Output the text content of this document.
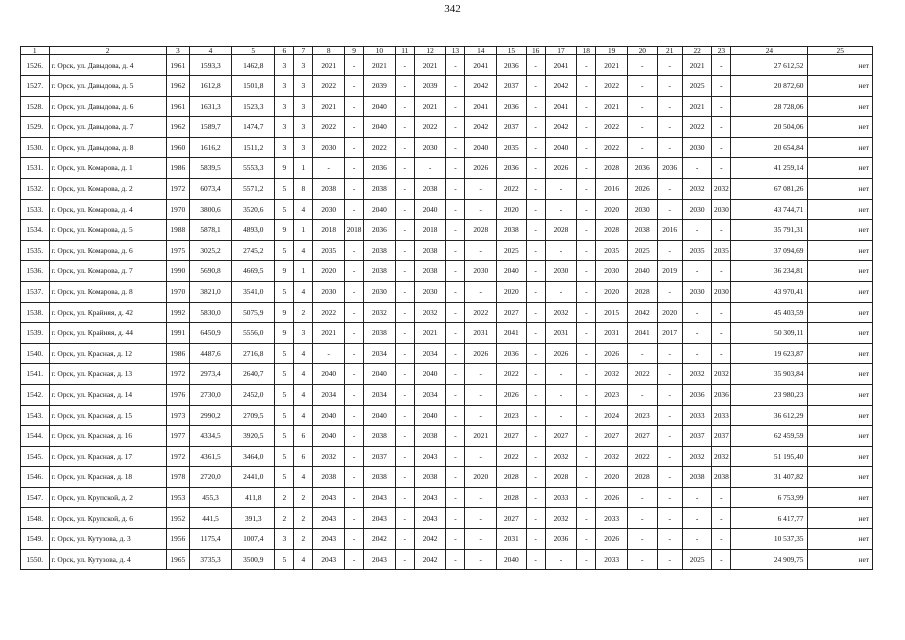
342
1	2	3	4	5	6	7	8	9	10	11	12	13	14	15	16	17	18	19	20	21	22	23	24	25
1526.	г. Орск, ул. Давыдова, д. 4	1961	1593,3	1462,8	3	3	2021	-	2021	-	2021	-	2041	2036	-	2041	-	2021	-	-	2021	-	27 612,52	нет
1527.	г. Орск, ул. Давыдова, д. 5	1962	1612,8	1501,8	3	3	2022	-	2039	-	2039	-	2042	2037	-	2042	-	2022	-	-	2025	-	20 872,60	нет
1528.	г. Орск, ул. Давыдова, д. 6	1961	1631,3	1523,3	3	3	2021	-	2040	-	2021	-	2041	2036	-	2041	-	2021	-	-	2021	-	28 728,06	нет
1529.	г. Орск, ул. Давыдова, д. 7	1962	1589,7	1474,7	3	3	2022	-	2040	-	2022	-	2042	2037	-	2042	-	2022	-	-	2022	-	20 504,06	нет
1530.	г. Орск, ул. Давыдова, д. 8	1960	1616,2	1511,2	3	3	2030	-	2022	-	2030	-	2040	2035	-	2040	-	2022	-	-	2030	-	20 654,84	нет
1531.	г. Орск, ул. Комарова, д. 1	1986	5839,5	5553,3	9	1	-	-	2036	-	-	-	2026	2036	-	2026	-	2028	2036	2036	-	-	41 259,14	нет
1532.	г. Орск, ул. Комарова, д. 2	1972	6073,4	5571,2	5	8	2038	-	2038	-	2038	-	-	2022	-	-	-	2016	2026	-	2032	2032	67 081,26	нет
1533.	г. Орск, ул. Комарова, д. 4	1970	3800,6	3520,6	5	4	2030	-	2040	-	2040	-	-	2020	-	-	-	2020	2030	-	2030	2030	43 744,71	нет
1534.	г. Орск, ул. Комарова, д. 5	1988	5878,1	4893,0	9	1	2018	2018	2036	-	2018	-	2028	2038	-	2028	-	2028	2038	2016	-	-	35 791,31	нет
1535.	г. Орск, ул. Комарова, д. 6	1975	3025,2	2745,2	5	4	2035	-	2038	-	2038	-	-	2025	-	-	-	2035	2025	-	2035	2035	37 094,69	нет
1536.	г. Орск, ул. Комарова, д. 7	1990	5690,8	4669,5	9	1	2020	-	2038	-	2038	-	2030	2040	-	2030	-	2030	2040	2019	-	-	36 234,81	нет
1537.	г. Орск, ул. Комарова, д. 8	1970	3821,0	3541,0	5	4	2030	-	2030	-	2030	-	-	2020	-	-	-	2020	2028	-	2030	2030	43 970,41	нет
1538.	г. Орск, ул. Крайняя, д. 42	1992	5830,0	5075,9	9	2	2022	-	2032	-	2032	-	2022	2027	-	2032	-	2015	2042	2020	-	-	45 403,59	нет
1539.	г. Орск, ул. Крайняя, д. 44	1991	6450,9	5556,0	9	3	2021	-	2038	-	2021	-	2031	2041	-	2031	-	2031	2041	2017	-	-	50 309,11	нет
1540.	г. Орск, ул. Красная, д. 12	1986	4487,6	2716,8	5	4	-	-	2034	-	2034	-	2026	2036	-	2026	-	2026	-	-	-	-	19 623,87	нет
1541.	г. Орск, ул. Красная, д. 13	1972	2973,4	2640,7	5	4	2040	-	2040	-	2040	-	-	2022	-	-	-	2032	2022	-	2032	2032	35 903,84	нет
1542.	г. Орск, ул. Красная, д. 14	1976	2730,0	2452,0	5	4	2034	-	2034	-	2034	-	-	2026	-	-	-	2023	-	-	2036	2036	23 980,23	нет
1543.	г. Орск, ул. Красная, д. 15	1973	2990,2	2709,5	5	4	2040	-	2040	-	2040	-	-	2023	-	-	-	2024	2023	-	2033	2033	36 612,29	нет
1544.	г. Орск, ул. Красная, д. 16	1977	4334,5	3920,5	5	6	2040	-	2038	-	2038	-	2021	2027	-	2027	-	2027	2027	-	2037	2037	62 459,59	нет
1545.	г. Орск, ул. Красная, д. 17	1972	4361,5	3464,0	5	6	2032	-	2037	-	2043	-	-	2022	-	2032	-	2032	2022	-	2032	2032	51 195,40	нет
1546.	г. Орск, ул. Красная, д. 18	1978	2720,0	2441,0	5	4	2038	-	2038	-	2038	-	2020	2028	-	2028	-	2020	2028	-	2038	2038	31 407,82	нет
1547.	г. Орск, ул. Крупской, д. 2	1953	455,3	411,8	2	2	2043	-	2043	-	2043	-	-	2028	-	2033	-	2026	-	-	-	-	6 753,99	нет
1548.	г. Орск, ул. Крупской, д. 6	1952	441,5	391,3	2	2	2043	-	2043	-	2043	-	-	2027	-	2032	-	2033	-	-	-	-	6 417,77	нет
1549.	г. Орск, ул. Кутузова, д. 3	1956	1175,4	1007,4	3	2	2043	-	2042	-	2042	-	-	2031	-	2036	-	2026	-	-	-	-	10 537,35	нет
1550.	г. Орск, ул. Кутузова, д. 4	1965	3735,3	3500,9	5	4	2043	-	2043	-	2042	-	-	2040	-	-	-	2033	-	-	2025	-	24 909,75	нет
